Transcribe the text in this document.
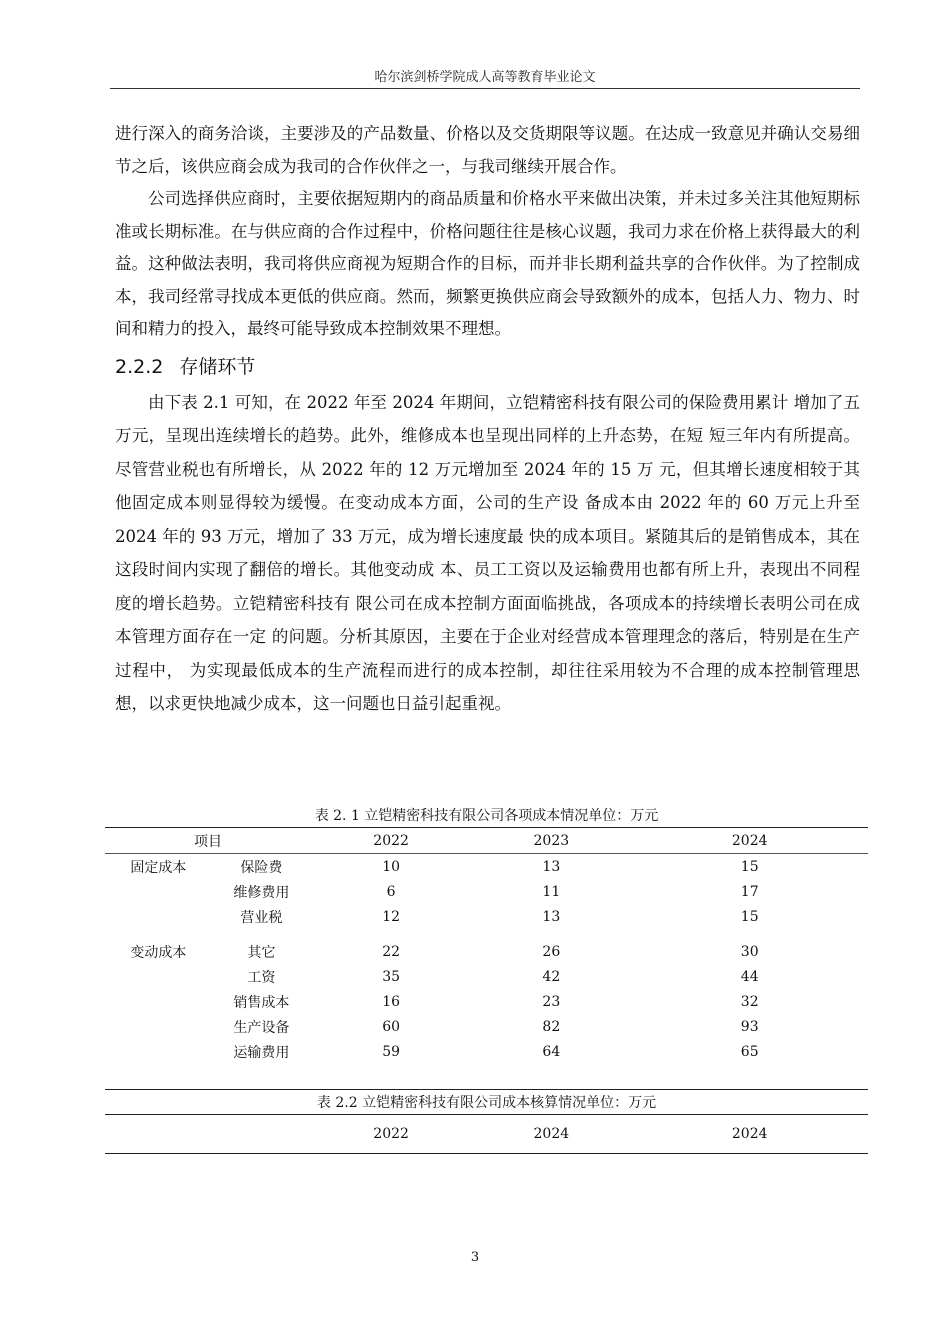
哈尔滨剑桥学院成人高等教育毕业论文

进行深入的商务洽谈，主要涉及的产品数量、价格以及交货期限等议题。在达成一致意见并确认交易细节之后，该供应商会成为我司的合作伙伴之一，与我司继续开展合作。

公司选择供应商时，主要依据短期内的商品质量和价格水平来做出决策，并未过多关注其他短期标准或长期标准。在与供应商的合作过程中，价格问题往往是核心议题，我司力求在价格上获得最大的利益。这种做法表明，我司将供应商视为短期合作的目标，而并非长期利益共享的合作伙伴。为了控制成本，我司经常寻找成本更低的供应商。然而，频繁更换供应商会导致额外的成本，包括人力、物力、时间和精力的投入，最终可能导致成本控制效果不理想。

2.2.2 存储环节

由下表 2.1 可知，在 2022 年至 2024 年期间，立铠精密科技有限公司的保险费用累计 增加了五万元，呈现出连续增长的趋势。此外，维修成本也呈现出同样的上升态势，在短 短三年内有所提高。尽管营业税也有所增长，从 2022 年的 12 万元增加至 2024 年的 15 万 元，但其增长速度相较于其他固定成本则显得较为缓慢。在变动成本方面，公司的生产设 备成本由 2022 年的 60 万元上升至 2024 年的 93 万元，增加了 33 万元，成为增长速度最 快的成本项目。紧随其后的是销售成本，其在这段时间内实现了翻倍的增长。其他变动成 本、员工工资以及运输费用也都有所上升，表现出不同程度的增长趋势。立铠精密科技有 限公司在成本控制方面面临挑战，各项成本的持续增长表明公司在成本管理方面存在一定 的问题。分析其原因，主要在于企业对经营成本管理理念的落后，特别是在生产过程中， 为实现最低成本的生产流程而进行的成本控制，却往往采用较为不合理的成本控制管理思 想，以求更快地减少成本，这一问题也日益引起重视。

表 2. 1 立铠精密科技有限公司各项成本情况单位：万元
项目		2022	2023	2024
固定成本	保险费	10	13	15
	维修费用	6	11	17
	营业税	12	13	15

变动成本	其它	22	26	30
	工资	35	42	44
	销售成本	16	23	32
	生产设备	60	82	93
	运输费用	59	64	65

表 2.2 立铠精密科技有限公司成本核算情况单位：万元
	2022	2024	2024
3
